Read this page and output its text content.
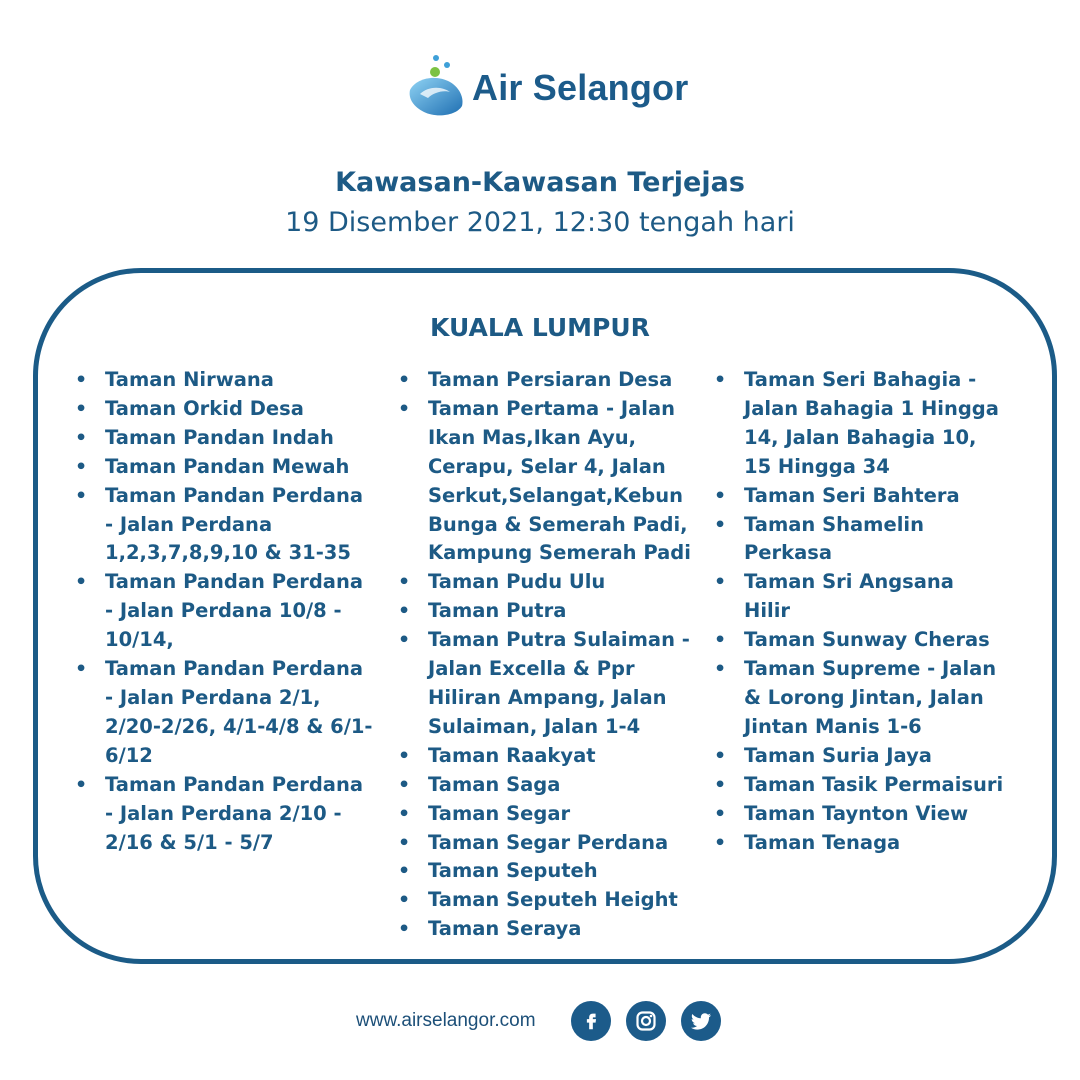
Air Selangor
Kawasan-Kawasan Terjejas
19 Disember 2021, 12:30 tengah hari
KUALA LUMPUR
• Taman Nirwana
• Taman Orkid Desa
• Taman Pandan Indah
• Taman Pandan Mewah
• Taman Pandan Perdana - Jalan Perdana 1,2,3,7,8,9,10 & 31-35
• Taman Pandan Perdana - Jalan Perdana 10/8 - 10/14,
• Taman Pandan Perdana - Jalan Perdana 2/1, 2/20-2/26, 4/1-4/8 & 6/1-6/12
• Taman Pandan Perdana - Jalan Perdana 2/10 - 2/16 & 5/1 - 5/7
• Taman Persiaran Desa
• Taman Pertama - Jalan Ikan Mas,Ikan Ayu, Cerapu, Selar 4, Jalan Serkut,Selangat,Kebun Bunga & Semerah Padi, Kampung Semerah Padi
• Taman Pudu Ulu
• Taman Putra
• Taman Putra Sulaiman - Jalan Excella & Ppr Hiliran Ampang, Jalan Sulaiman, Jalan 1-4
• Taman Raakyat
• Taman Saga
• Taman Segar
• Taman Segar Perdana
• Taman Seputeh
• Taman Seputeh Height
• Taman Seraya
• Taman Seri Bahagia - Jalan Bahagia 1 Hingga 14, Jalan Bahagia 10, 15 Hingga 34
• Taman Seri Bahtera
• Taman Shamelin Perkasa
• Taman Sri Angsana Hilir
• Taman Sunway Cheras
• Taman Supreme - Jalan & Lorong Jintan, Jalan Jintan Manis 1-6
• Taman Suria Jaya
• Taman Tasik Permaisuri
• Taman Taynton View
• Taman Tenaga
www.airselangor.com
